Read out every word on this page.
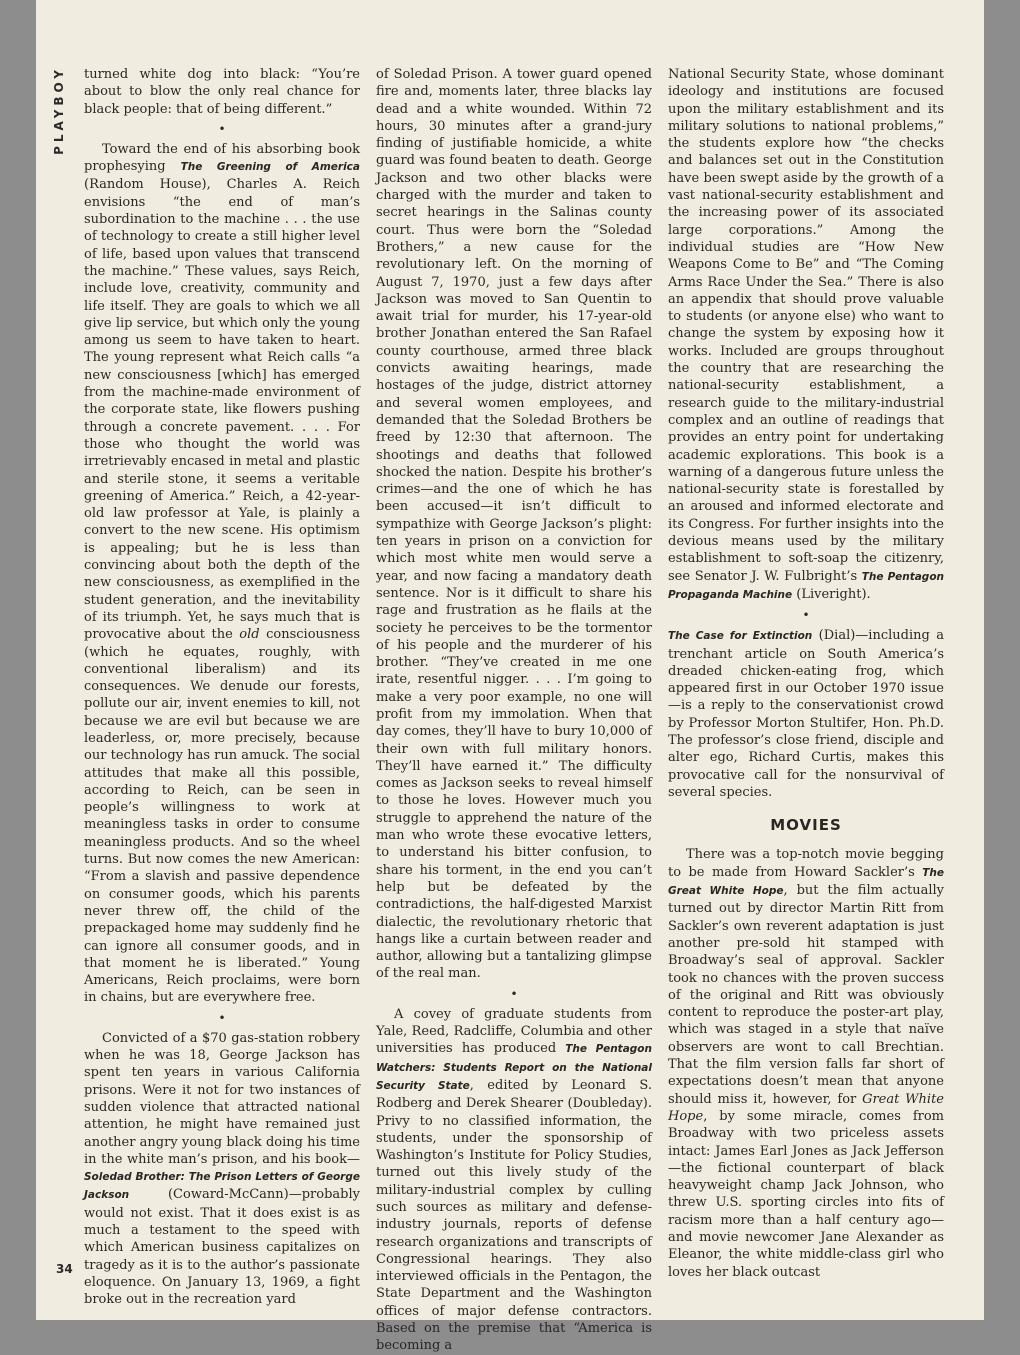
PLAYBOY	turned white dog into black: “You’re about to blow the only real chance for black people: that of being different.”

•

Toward the end of his absorbing book prophesying The Greening of America (Random House), Charles A. Reich envisions “the end of man’s subordination to the machine . . . the use of technology to create a still higher level of life, based upon values that transcend the machine.” These values, says Reich, include love, creativity, community and life itself. They are goals to which we all give lip service, but which only the young among us seem to have taken to heart. The young represent what Reich calls “a new consciousness [which] has emerged from the machine-made environment of the corporate state, like flowers pushing through a concrete pavement. . . . For those who thought the world was irretrievably encased in metal and plastic and sterile stone, it seems a veritable greening of America.” Reich, a 42-year-old law professor at Yale, is plainly a convert to the new scene. His optimism is appealing; but he is less than convincing about both the depth of the new consciousness, as exemplified in the student generation, and the inevitability of its triumph. Yet, he says much that is provocative about the old consciousness (which he equates, roughly, with conventional liberalism) and its consequences. We denude our forests, pollute our air, invent enemies to kill, not because we are evil but because we are leaderless, or, more precisely, because our technology has run amuck. The social attitudes that make all this possible, according to Reich, can be seen in people’s willingness to work at meaningless tasks in order to consume meaningless products. And so the wheel turns. But now comes the new American: “From a slavish and passive dependence on consumer goods, which his parents never threw off, the child of the prepackaged home may suddenly find he can ignore all consumer goods, and in that moment he is liberated.” Young Americans, Reich proclaims, were born in chains, but are everywhere free.

•

Convicted of a $70 gas-station robbery when he was 18, George Jackson has spent ten years in various California prisons. Were it not for two instances of sudden violence that attracted national attention, he might have remained just another angry young black doing his time in the white man’s prison, and his book—Soledad Brother: The Prison Letters of George Jackson (Coward-McCann)—probably would not exist. That it does exist is as much a testament to the speed with which American business capitalizes on tragedy as it is to the author’s passionate eloquence. On January 13, 1969, a fight broke out in the recreation yard

of Soledad Prison. A tower guard opened fire and, moments later, three blacks lay dead and a white wounded. Within 72 hours, 30 minutes after a grand-jury finding of justifiable homicide, a white guard was found beaten to death. George Jackson and two other blacks were charged with the murder and taken to secret hearings in the Salinas county court. Thus were born the “Soledad Brothers,” a new cause for the revolutionary left. On the morning of August 7, 1970, just a few days after Jackson was moved to San Quentin to await trial for murder, his 17-year-old brother Jonathan entered the San Rafael county courthouse, armed three black convicts awaiting hearings, made hostages of the judge, district attorney and several women employees, and demanded that the Soledad Brothers be freed by 12:30 that afternoon. The shootings and deaths that followed shocked the nation. Despite his brother’s crimes—and the one of which he has been accused—it isn’t difficult to sympathize with George Jackson’s plight: ten years in prison on a conviction for which most white men would serve a year, and now facing a mandatory death sentence. Nor is it difficult to share his rage and frustration as he flails at the society he perceives to be the tormentor of his people and the murderer of his brother. “They’ve created in me one irate, resentful nigger. . . . I’m going to make a very poor example, no one will profit from my immolation. When that day comes, they’ll have to bury 10,000 of their own with full military honors. They’ll have earned it.” The difficulty comes as Jackson seeks to reveal himself to those he loves. However much you struggle to apprehend the nature of the man who wrote these evocative letters, to understand his bitter confusion, to share his torment, in the end you can’t help but be defeated by the contradictions, the half-digested Marxist dialectic, the revolutionary rhetoric that hangs like a curtain between reader and author, allowing but a tantalizing glimpse of the real man.

•

A covey of graduate students from Yale, Reed, Radcliffe, Columbia and other universities has produced The Pentagon Watchers: Students Report on the National Security State, edited by Leonard S. Rodberg and Derek Shearer (Doubleday). Privy to no classified information, the students, under the sponsorship of Washington’s Institute for Policy Studies, turned out this lively study of the military-industrial complex by culling such sources as military and defense-industry journals, reports of defense research organizations and transcripts of Congressional hearings. They also interviewed officials in the Pentagon, the State Department and the Washington offices of major defense contractors. Based on the premise that “America is becoming a

National Security State, whose dominant ideology and institutions are focused upon the military establishment and its military solutions to national problems,” the students explore how “the checks and balances set out in the Constitution have been swept aside by the growth of a vast national-security establishment and the increasing power of its associated large corporations.” Among the individual studies are “How New Weapons Come to Be” and “The Coming Arms Race Under the Sea.” There is also an appendix that should prove valuable to students (or anyone else) who want to change the system by exposing how it works. Included are groups throughout the country that are researching the national-security establishment, a research guide to the military-industrial complex and an outline of readings that provides an entry point for undertaking academic explorations. This book is a warning of a dangerous future unless the national-security state is forestalled by an aroused and informed electorate and its Congress. For further insights into the devious means used by the military establishment to soft-soap the citizenry, see Senator J. W. Fulbright’s The Pentagon Propaganda Machine (Liveright).

•

The Case for Extinction (Dial)—including a trenchant article on South America’s dreaded chicken-eating frog, which appeared first in our October 1970 issue—is a reply to the conservationist crowd by Professor Morton Stultifer, Hon. Ph.D. The professor’s close friend, disciple and alter ego, Richard Curtis, makes this provocative call for the nonsurvival of several species.

MOVIES

There was a top-notch movie begging to be made from Howard Sackler’s The Great White Hope, but the film actually turned out by director Martin Ritt from Sackler’s own reverent adaptation is just another pre-sold hit stamped with Broadway’s seal of approval. Sackler took no chances with the proven success of the original and Ritt was obviously content to reproduce the poster-art play, which was staged in a style that naïve observers are wont to call Brechtian. That the film version falls far short of expectations doesn’t mean that anyone should miss it, however, for Great White Hope, by some miracle, comes from Broadway with two priceless assets intact: James Earl Jones as Jack Jefferson—the fictional counterpart of black heavyweight champ Jack Johnson, who threw U.S. sporting circles into fits of racism more than a half century ago—and movie newcomer Jane Alexander as Eleanor, the white middle-class girl who loves her black outcast

34
